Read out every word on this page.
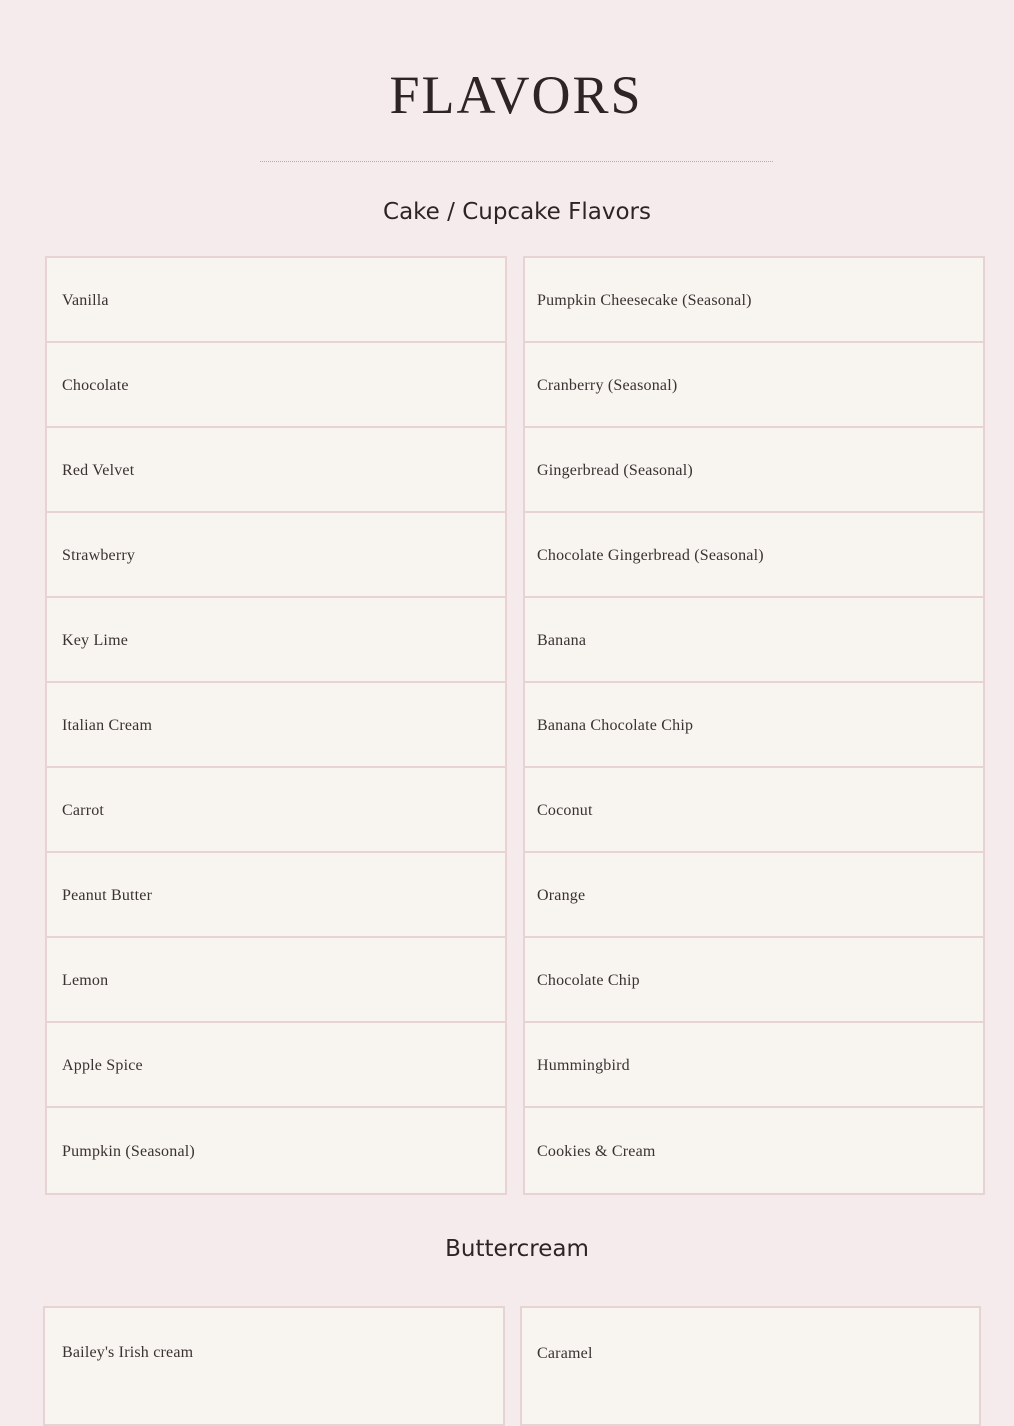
FLAVORS
Cake / Cupcake Flavors
Vanilla
Chocolate
Red Velvet
Strawberry
Key Lime
Italian Cream
Carrot
Peanut Butter
Lemon
Apple Spice
Pumpkin (Seasonal)
Pumpkin Cheesecake (Seasonal)
Cranberry (Seasonal)
Gingerbread (Seasonal)
Chocolate Gingerbread (Seasonal)
Banana
Banana Chocolate Chip
Coconut
Orange
Chocolate Chip
Hummingbird
Cookies & Cream
Buttercream
Bailey's Irish cream	Caramel
